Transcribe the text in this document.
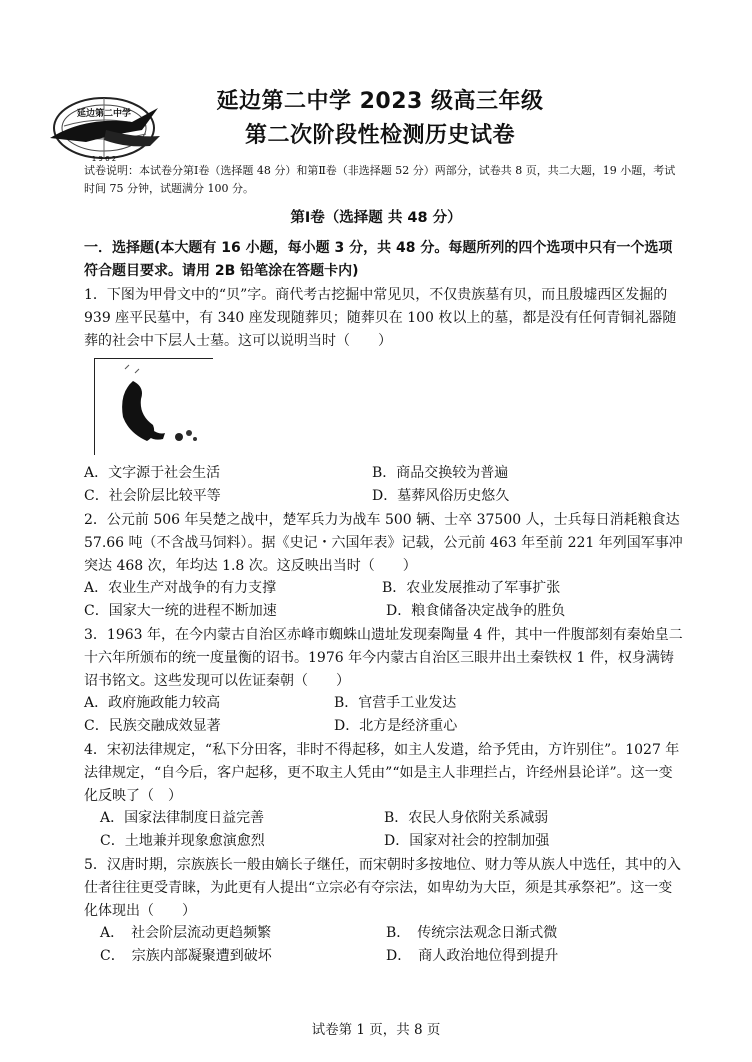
延边第二中学
1 9 6 2
延边第二中学 2023 级高三年级
第二次阶段性检测历史试卷
试卷说明：本试卷分第Ⅰ卷（选择题 48 分）和第Ⅱ卷（非选择题 52 分）两部分，试卷共 8 页，共二大题，19 小题，考试时间 75 分钟，试题满分 100 分。
第Ⅰ卷（选择题 共 48 分）
一．选择题(本大题有 16 小题，每小题 3 分，共 48 分。每题所列的四个选项中只有一个选项符合题目要求。请用 2B 铅笔涂在答题卡内)
1．下图为甲骨文中的“贝”字。商代考古挖掘中常见贝，不仅贵族墓有贝，而且殷墟西区发掘的 939 座平民墓中，有 340 座发现随葬贝；随葬贝在 100 枚以上的墓，都是没有任何青铜礼器随葬的社会中下层人士墓。这可以说明当时（　　）
A．文字源于社会生活	B．商品交换较为普遍
C．社会阶层比较平等	D．墓葬风俗历史悠久
2．公元前 506 年吴楚之战中，楚军兵力为战车 500 辆、士卒 37500 人，士兵每日消耗粮食达 57.66 吨（不含战马饲料）。据《史记・六国年表》记载，公元前 463 年至前 221 年列国军事冲突达 468 次，年均达 1.8 次。这反映出当时（　　）
A．农业生产对战争的有力支撑	B．农业发展推动了军事扩张
C．国家大一统的进程不断加速	D．粮食储备决定战争的胜负
3．1963 年，在今内蒙古自治区赤峰市蜘蛛山遗址发现秦陶量 4 件，其中一件腹部刻有秦始皇二十六年所颁布的统一度量衡的诏书。1976 年今内蒙古自治区三眼井出土秦铁权 1 件，权身满铸诏书铭文。这些发现可以佐证秦朝（　　）
A．政府施政能力较高	B．官营手工业发达
C．民族交融成效显著	D．北方是经济重心
4．宋初法律规定，“私下分田客，非时不得起移，如主人发遣，给予凭由，方许别住”。1027 年法律规定，“自今后，客户起移，更不取主人凭由”“如是主人非理拦占，许经州县论详”。这一变化反映了（　）
A．国家法律制度日益完善	B．农民人身依附关系减弱
C．土地兼并现象愈演愈烈	D．国家对社会的控制加强
5．汉唐时期，宗族族长一般由嫡长子继任，而宋朝时多按地位、财力等从族人中选任，其中的入仕者往往更受青睐，为此更有人提出“立宗必有夺宗法，如卑幼为大臣，须是其承祭祀”。这一变化体现出（　　）
A．　社会阶层流动更趋频繁	B．　传统宗法观念日渐式微
C．　宗族内部凝聚遭到破坏	D．　商人政治地位得到提升
试卷第 1 页，共 8 页
